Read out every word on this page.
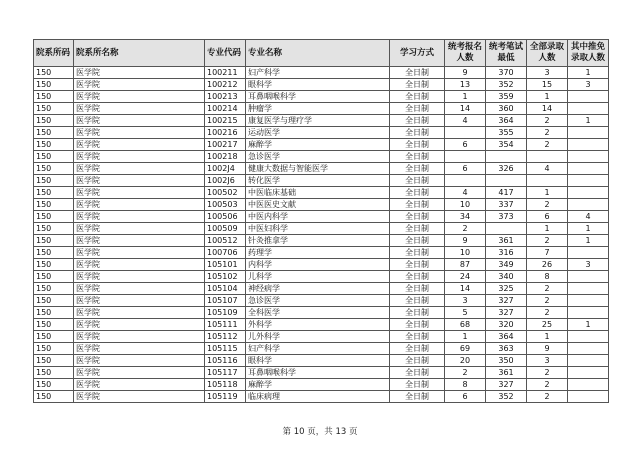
院系所码	院系所名称	专业代码	专业名称	学习方式	统考报名人数	统考笔试最低	全部录取人数	其中推免录取人数
150	医学院	100211	妇产科学	全日制	9	370	3	1
150	医学院	100212	眼科学	全日制	13	352	15	3
150	医学院	100213	耳鼻咽喉科学	全日制	1	359	1	
150	医学院	100214	肿瘤学	全日制	14	360	14	
150	医学院	100215	康复医学与理疗学	全日制	4	364	2	1
150	医学院	100216	运动医学	全日制		355	2	
150	医学院	100217	麻醉学	全日制	6	354	2	
150	医学院	100218	急诊医学	全日制				
150	医学院	1002J4	健康大数据与智能医学	全日制	6	326	4	
150	医学院	1002J6	转化医学	全日制				
150	医学院	100502	中医临床基础	全日制	4	417	1	
150	医学院	100503	中医医史文献	全日制	10	337	2	
150	医学院	100506	中医内科学	全日制	34	373	6	4
150	医学院	100509	中医妇科学	全日制	2		1	1
150	医学院	100512	针灸推拿学	全日制	9	361	2	1
150	医学院	100706	药理学	全日制	10	316	7	
150	医学院	105101	内科学	全日制	87	349	26	3
150	医学院	105102	儿科学	全日制	24	340	8	
150	医学院	105104	神经病学	全日制	14	325	2	
150	医学院	105107	急诊医学	全日制	3	327	2	
150	医学院	105109	全科医学	全日制	5	327	2	
150	医学院	105111	外科学	全日制	68	320	25	1
150	医学院	105112	儿外科学	全日制	1	364	1	
150	医学院	105115	妇产科学	全日制	69	363	9	
150	医学院	105116	眼科学	全日制	20	350	3	
150	医学院	105117	耳鼻咽喉科学	全日制	2	361	2	
150	医学院	105118	麻醉学	全日制	8	327	2	
150	医学院	105119	临床病理	全日制	6	352	2	
第 10 页，共 13 页
